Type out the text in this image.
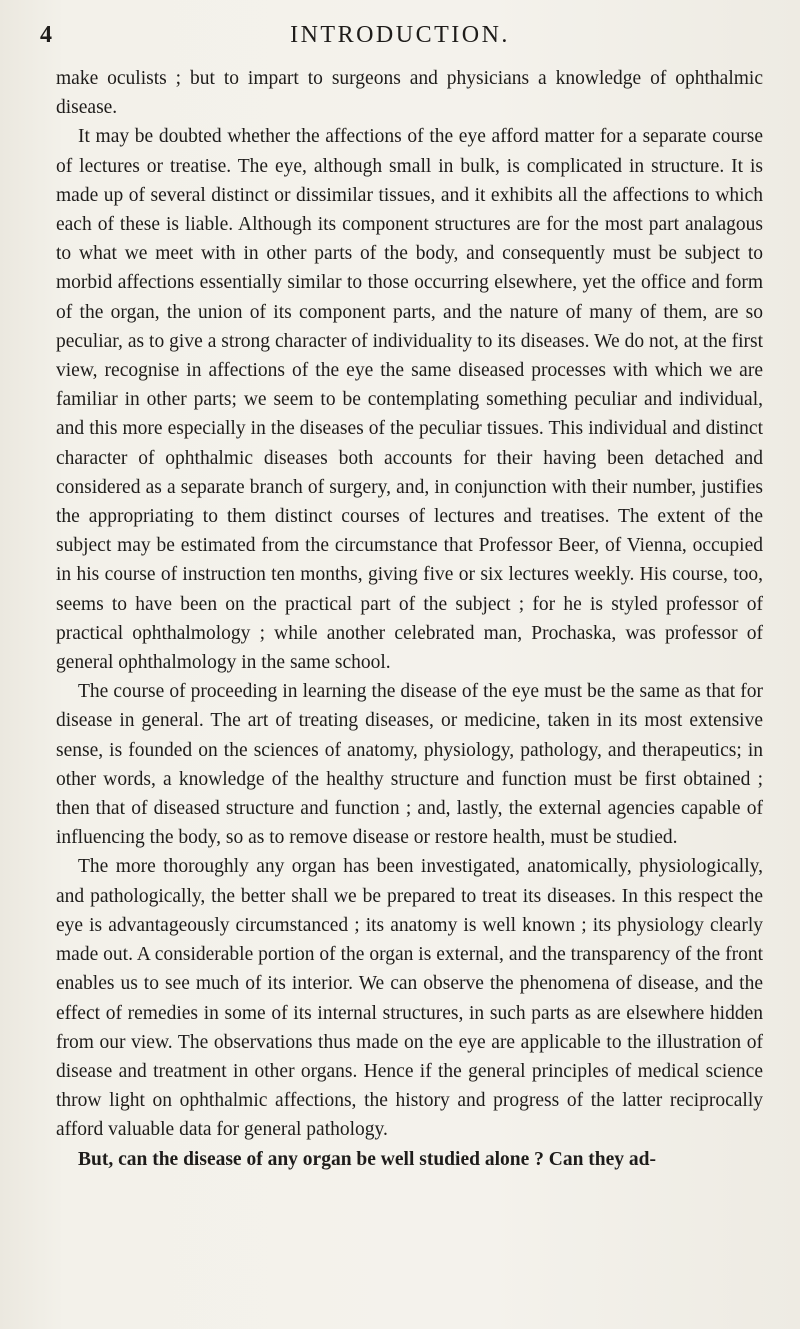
4	INTRODUCTION.

make oculists ; but to impart to surgeons and physicians a knowledge of ophthalmic disease.

It may be doubted whether the affections of the eye afford matter for a separate course of lectures or treatise. The eye, although small in bulk, is complicated in structure. It is made up of several distinct or dissimilar tissues, and it exhibits all the affections to which each of these is liable. Although its component structures are for the most part analagous to what we meet with in other parts of the body, and consequently must be subject to morbid affections essentially similar to those occurring elsewhere, yet the office and form of the organ, the union of its component parts, and the nature of many of them, are so peculiar, as to give a strong character of individuality to its diseases. We do not, at the first view, recognise in affections of the eye the same diseased processes with which we are familiar in other parts; we seem to be contemplating something peculiar and individual, and this more especially in the diseases of the peculiar tissues. This individual and distinct character of ophthalmic diseases both accounts for their having been detached and considered as a separate branch of surgery, and, in conjunction with their number, justifies the appropriating to them distinct courses of lectures and treatises. The extent of the subject may be estimated from the circumstance that Professor Beer, of Vienna, occupied in his course of instruction ten months, giving five or six lectures weekly. His course, too, seems to have been on the practical part of the subject ; for he is styled professor of practical ophthalmology ; while another celebrated man, Prochaska, was professor of general ophthalmology in the same school.

The course of proceeding in learning the disease of the eye must be the same as that for disease in general. The art of treating diseases, or medicine, taken in its most extensive sense, is founded on the sciences of anatomy, physiology, pathology, and therapeutics; in other words, a knowledge of the healthy structure and function must be first obtained ; then that of diseased structure and function ; and, lastly, the external agencies capable of influencing the body, so as to remove disease or restore health, must be studied.

The more thoroughly any organ has been investigated, anatomically, physiologically, and pathologically, the better shall we be prepared to treat its diseases. In this respect the eye is advantageously circumstanced ; its anatomy is well known ; its physiology clearly made out. A considerable portion of the organ is external, and the transparency of the front enables us to see much of its interior. We can observe the phenomena of disease, and the effect of remedies in some of its internal structures, in such parts as are elsewhere hidden from our view. The observations thus made on the eye are applicable to the illustration of disease and treatment in other organs. Hence if the general principles of medical science throw light on ophthalmic affections, the history and progress of the latter reciprocally afford valuable data for general pathology.

But, can the disease of any organ be well studied alone ? Can they ad-
